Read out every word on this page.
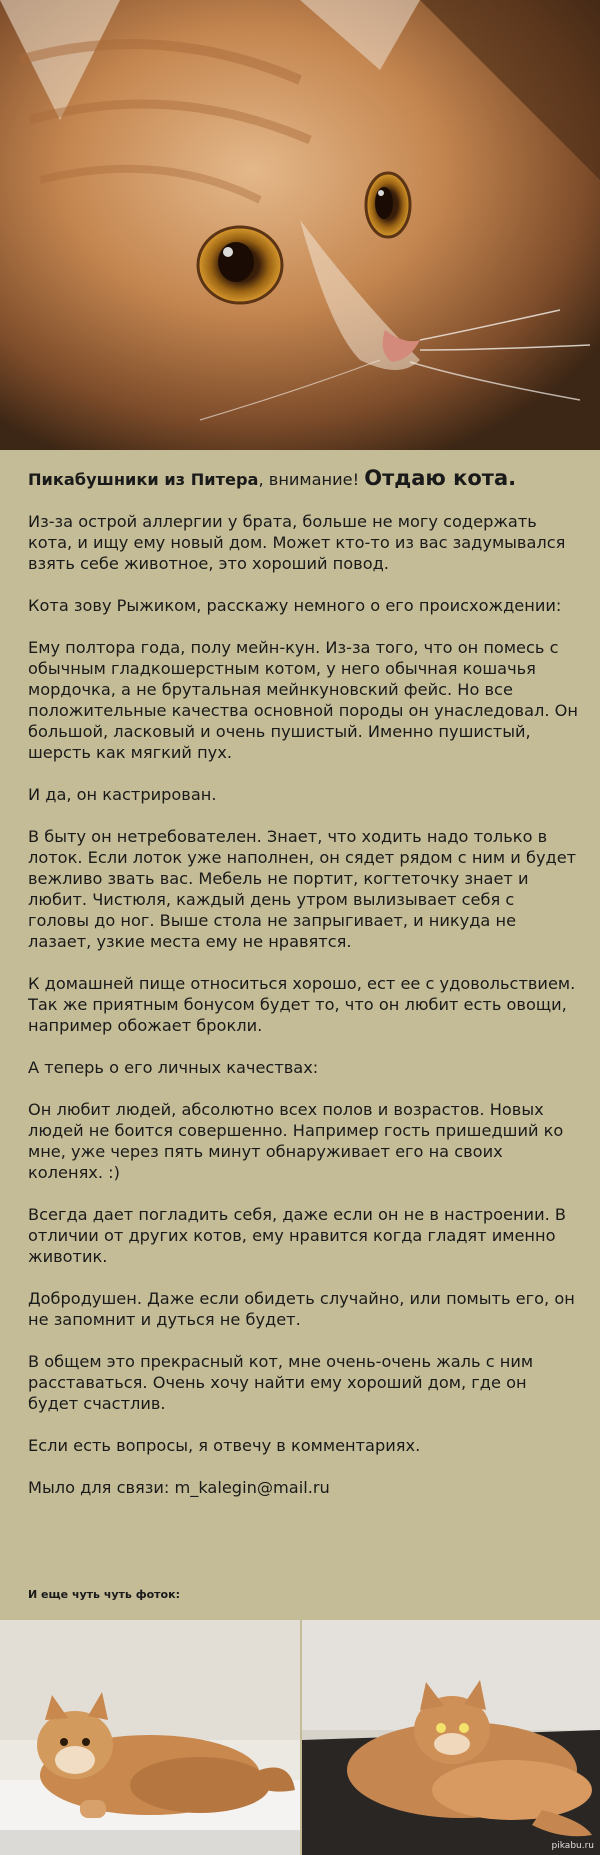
Пикабушники из Питера, внимание! Отдаю кота.

Из-за острой аллергии у брата, больше не могу содержать кота, и ищу ему новый дом. Может кто-то из вас задумывался взять себе животное, это хороший повод.

Кота зову Рыжиком, расскажу немного о его происхождении:

Ему полтора года, полу мейн-кун. Из-за того, что он помесь с обычным гладкошерстным котом, у него обычная кошачья мордочка, а не брутальная мейнкуновский фейс. Но все положительные качества основной породы он унаследовал. Он большой, ласковый и очень пушистый. Именно пушистый, шерсть как мягкий пух.

И да, он кастрирован.

В быту он нетребователен. Знает, что ходить надо только в лоток. Если лоток уже наполнен, он сядет рядом с ним и будет вежливо звать вас. Мебель не портит, когтеточку знает и любит. Чистюля, каждый день утром вылизывает себя с головы до ног. Выше стола не запрыгивает, и никуда не лазает, узкие места ему не нравятся.

К домашней пище относиться хорошо, ест ее с удовольствием. Так же приятным бонусом будет то, что он любит есть овощи, например обожает брокли.

А теперь о его личных качествах:

Он любит людей, абсолютно всех полов и возрастов. Новых людей не боится совершенно. Например гость пришедший ко мне, уже через пять минут обнаруживает его на своих коленях. :)

Всегда дает погладить себя, даже если он не в настроении. В отличии от других котов, ему нравится когда гладят именно животик.

Добродушен. Даже если обидеть случайно, или помыть его, он не запомнит и дуться не будет.

В общем это прекрасный кот, мне очень-очень жаль с ним расставаться. Очень хочу найти ему хороший дом, где он будет счастлив.

Если есть вопросы, я отвечу в комментариях.

Мыло для связи: m_kalegin@mail.ru

И еще чуть чуть фоток:
pikabu.ru
